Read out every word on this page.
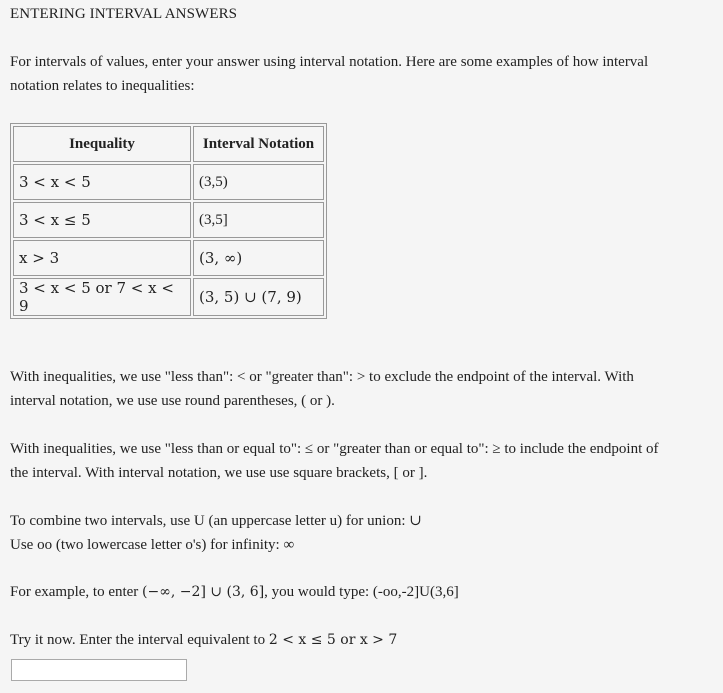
ENTERING INTERVAL ANSWERS
For intervals of values, enter your answer using interval notation. Here are some examples of how interval
notation relates to inequalities:
Inequality	Interval Notation
3 < x < 5	(3,5)
3 < x ≤ 5	(3,5]
x > 3	(3, ∞)
3 < x < 5 or 7 < x < 9	(3, 5) ∪ (7, 9)
With inequalities, we use "less than": < or "greater than": > to exclude the endpoint of the interval. With
interval notation, we use use round parentheses, ( or ).
With inequalities, we use "less than or equal to": ≤ or "greater than or equal to": ≥ to include the endpoint of
the interval. With interval notation, we use use square brackets, [ or ].
To combine two intervals, use U (an uppercase letter u) for union: ∪
Use oo (two lowercase letter o's) for infinity: ∞
For example, to enter (−∞, −2] ∪ (3, 6], you would type: (-oo,-2]U(3,6]
Try it now. Enter the interval equivalent to 2 < x ≤ 5 or x > 7
